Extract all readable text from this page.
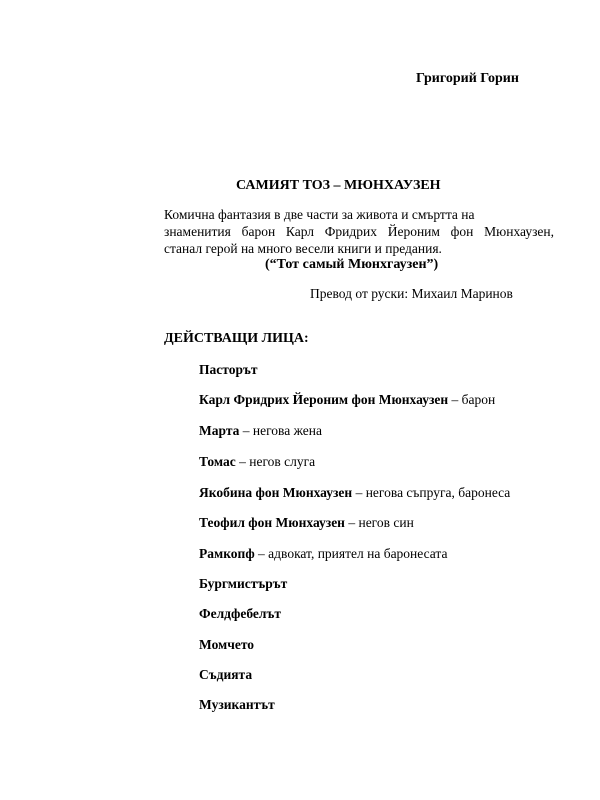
Григорий Горин
САМИЯТ ТОЗ – МЮНХАУЗЕН
Комична фантазия в две части за живота и смъртта на
знаменития барон Карл Фридрих Йероним фон Мюнхаузен,
станал герой на много весели книги и предания.
(“Тот самый Мюнхгаузен”)
Превод от руски: Михаил Маринов
ДЕЙСТВАЩИ ЛИЦА:
Пасторът
Карл Фридрих Йероним фон Мюнхаузен – барон
Марта – негова жена
Томас – негов слуга
Якобина фон Мюнхаузен – негова съпруга, баронеса
Теофил фон Мюнхаузен – негов син
Рамкопф – адвокат, приятел на баронесата
Бургмистърът
Фелдфебелът
Момчето
Съдията
Музикантът
